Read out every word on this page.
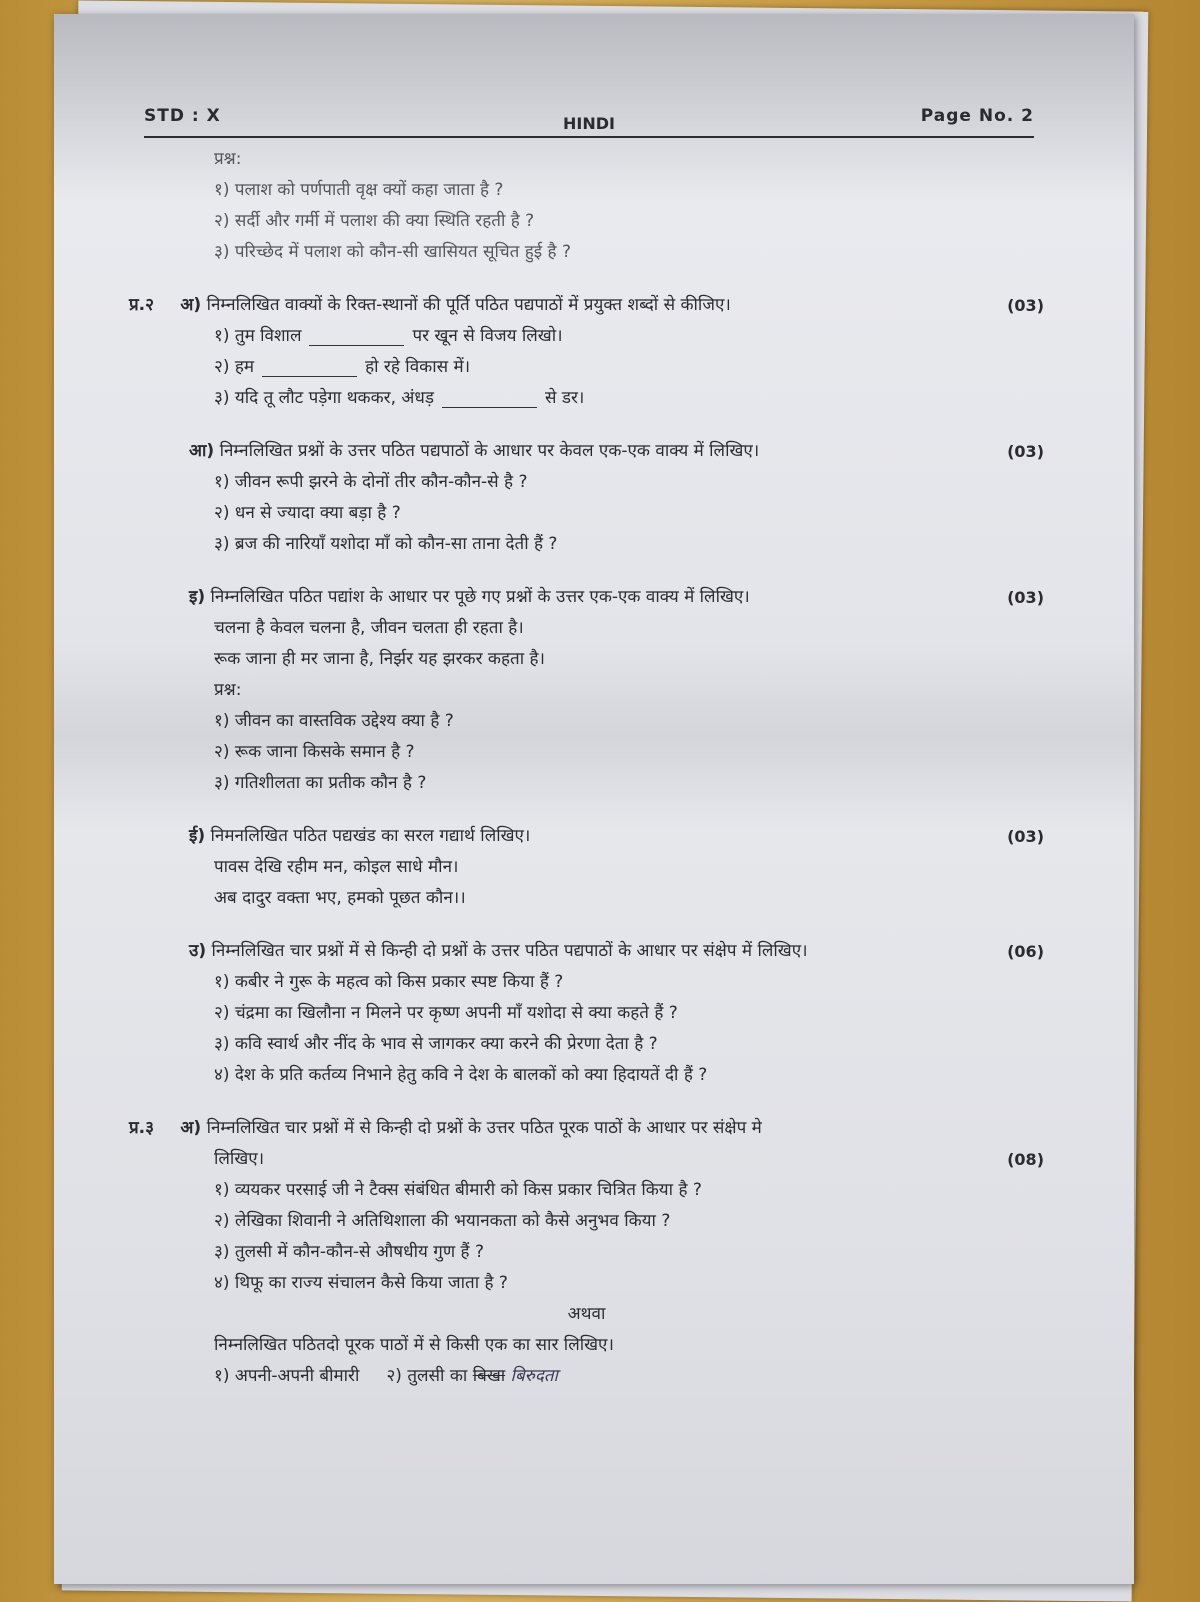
STD : X	HINDI	Page No. 2
प्रश्न:
१) पलाश को पर्णपाती वृक्ष क्यों कहा जाता है ?
२) सर्दी और गर्मी में पलाश की क्या स्थिति रहती है ?
३) परिच्छेद में पलाश को कौन-सी खासियत सूचित हुई है ?
प्र.२ अ) निम्नलिखित वाक्यों के रिक्त-स्थानों की पूर्ति पठित पद्यपाठों में प्रयुक्त शब्दों से कीजिए।	(03)
१) तुम विशाल	पर खून से विजय लिखो।
२) हम	हो रहे विकास में।
३) यदि तू लौट पड़ेगा थककर, अंधड़	से डर।
आ) निम्नलिखित प्रश्नों के उत्तर पठित पद्यपाठों के आधार पर केवल एक-एक वाक्य में लिखिए।	(03)
१) जीवन रूपी झरने के दोनों तीर कौन-कौन-से है ?
२) धन से ज्यादा क्या बड़ा है ?
३) ब्रज की नारियाँ यशोदा माँ को कौन-सा ताना देती हैं ?
इ) निम्नलिखित पठित पद्यांश के आधार पर पूछे गए प्रश्नों के उत्तर एक-एक वाक्य में लिखिए।	(03)
चलना है केवल चलना है, जीवन चलता ही रहता है।
रूक जाना ही मर जाना है, निर्झर यह झरकर कहता है।
प्रश्न:
१) जीवन का वास्तविक उद्देश्य क्या है ?
२) रूक जाना किसके समान है ?
३) गतिशीलता का प्रतीक कौन है ?
ई) निमनलिखित पठित पद्यखंड का सरल गद्यार्थ लिखिए।	(03)
पावस देखि रहीम मन, कोइल साधे मौन।
अब दादुर वक्ता भए, हमको पूछत कौन।।
उ) निम्नलिखित चार प्रश्नों में से किन्ही दो प्रश्नों के उत्तर पठित पद्यपाठों के आधार पर संक्षेप में लिखिए।	(06)
१) कबीर ने गुरू के महत्व को किस प्रकार स्पष्ट किया हैं ?
२) चंद्रमा का खिलौना न मिलने पर कृष्ण अपनी माँ यशोदा से क्या कहते हैं ?
३) कवि स्वार्थ और नींद के भाव से जागकर क्या करने की प्रेरणा देता है ?
४) देश के प्रति कर्तव्य निभाने हेतु कवि ने देश के बालकों को क्या हिदायतें दी हैं ?
प्र.३ अ) निम्नलिखित चार प्रश्नों में से किन्ही दो प्रश्नों के उत्तर पठित पूरक पाठों के आधार पर संक्षेप मे
लिखिए।	(08)
१) व्ययकर परसाई जी ने टैक्स संबंधित बीमारी को किस प्रकार चित्रित किया है ?
२) लेखिका शिवानी ने अतिथिशाला की भयानकता को कैसे अनुभव किया ?
३) तुलसी में कौन-कौन-से औषधीय गुण हैं ?
४) थिफू का राज्य संचालन कैसे किया जाता है ?
अथवा
निम्नलिखित पठितदो पूरक पाठों में से किसी एक का सार लिखिए।
१) अपनी-अपनी बीमारी २) तुलसी का बिखा बिरुदता
